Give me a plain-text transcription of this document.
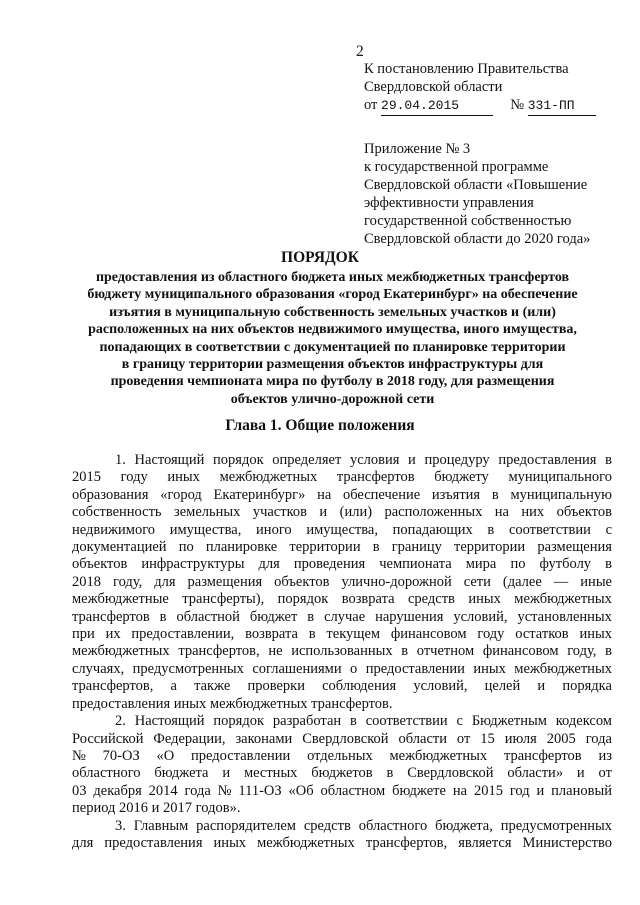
2
К постановлению Правительства
Свердловской области
от 29.04.2015	№ 331-ПП
Приложение № 3
к государственной программе
Свердловской области «Повышение
эффективности управления
государственной собственностью
Свердловской области до 2020 года»
ПОРЯДОК
предоставления из областного бюджета иных межбюджетных трансфертов
бюджету муниципального образования «город Екатеринбург» на обеспечение
изъятия в муниципальную собственность земельных участков и (или)
расположенных на них объектов недвижимого имущества, иного имущества,
попадающих в соответствии с документацией по планировке территории
в границу территории размещения объектов инфраструктуры для
проведения чемпионата мира по футболу в 2018 году, для размещения
объектов улично-дорожной сети
Глава 1. Общие положения
1. Настоящий порядок определяет условия и процедуру предоставления в
2015 году иных межбюджетных трансфертов бюджету муниципального
образования «город Екатеринбург» на обеспечение изъятия в муниципальную
собственность земельных участков и (или) расположенных на них объектов
недвижимого имущества, иного имущества, попадающих в соответствии с
документацией по планировке территории в границу территории размещения
объектов инфраструктуры для проведения чемпионата мира по футболу в
2018 году, для размещения объектов улично-дорожной сети (далее — иные
межбюджетные трансферты), порядок возврата средств иных межбюджетных
трансфертов в областной бюджет в случае нарушения условий, установленных
при их предоставлении, возврата в текущем финансовом году остатков иных
межбюджетных трансфертов, не использованных в отчетном финансовом году, в
случаях, предусмотренных соглашениями о предоставлении иных межбюджетных
трансфертов, а также проверки соблюдения условий, целей и порядка
предоставления иных межбюджетных трансфертов.
2. Настоящий порядок разработан в соответствии с Бюджетным кодексом
Российской Федерации, законами Свердловской области от 15 июля 2005 года
№ 70-ОЗ «О предоставлении отдельных межбюджетных трансфертов из
областного бюджета и местных бюджетов в Свердловской области» и от
03 декабря 2014 года № 111-ОЗ «Об областном бюджете на 2015 год и плановый
период 2016 и 2017 годов».
3. Главным распорядителем средств областного бюджета, предусмотренных
для предоставления иных межбюджетных трансфертов, является Министерство
